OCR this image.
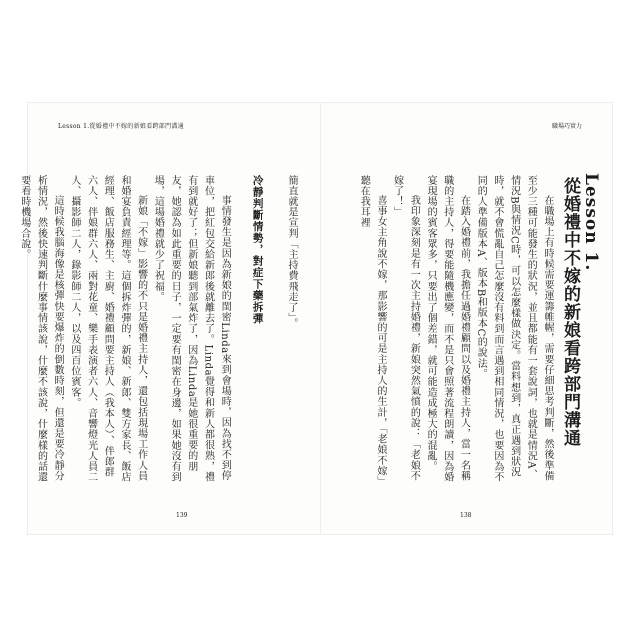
Lesson 1.從婚禮中不嫁的新娘看跨部門溝通	職場巧實力

簡直就是宣判「主持費飛走了」。

冷靜判斷情勢，對症下藥拆彈

事情發生是因為新娘的閨密Linda來到會場時，因為找不到停車位，把紅包交給新郎後就離去了。Linda覺得和新人都很熟，禮有到就好了；但新娘聽到部氣炸了，因為Linda是她很重要的朋友，她認為如此重要的日子，一定要有閨密在身邊，如果她沒有到場，這場婚禮就少了祝福。

新娘「不嫁」影響的不只是婚禮主持人，還包括現場工作人員和婚宴負責經理等。這個拆炸彈的，新娘、新郎、雙方家長、飯店經理、飯店服務生、主廚、婚禮顧問要主持人（我本人）、伴郎群六人、伴娘群六人、兩對花童、樂手表演者六人、音響燈光人員二人、攝影師二人，錄影師二人，以及四百位賓客。

這時候我腦海像是核彈快要爆炸的倒數時刻，但還是要冷靜分析情況，然後快速判斷什麼事情該說，什麼不該說，什麼樣的話還要看時機場合說。	在職場上有時候需要運籌帷幄，需要仔細思考判斷，然後準備至少三種可能發生的狀況，並且都能有一套說詞，也就是情況A、情況B與情況C時，可以怎麼樣做決定。當料想到，真正遇到狀況時，就不會慌亂自己怎麼沒有料到而言遇到相同情況，也要因為不同的人準備版本A、版本B和版本C的說法。

在踏入婚禮前，我擔任過婚禮顧問以及婚禮主持人，當一名稱職的主持人，得要能隨機應變，而不是只會照著流程朗讀，因為婚宴現場的賓客眾多，只要出了個差錯，就可能造成極大的混亂。

我印象深刻是有一次主持婚禮，新娘突然氣憤的說：「老娘不嫁了！」

喜事女主角說不嫁，那影響的可是主持人的生計，「老娘不嫁」聽在我耳裡	Lesson 1.
從婚禮中不嫁的新娘看跨部門溝通
139	138
